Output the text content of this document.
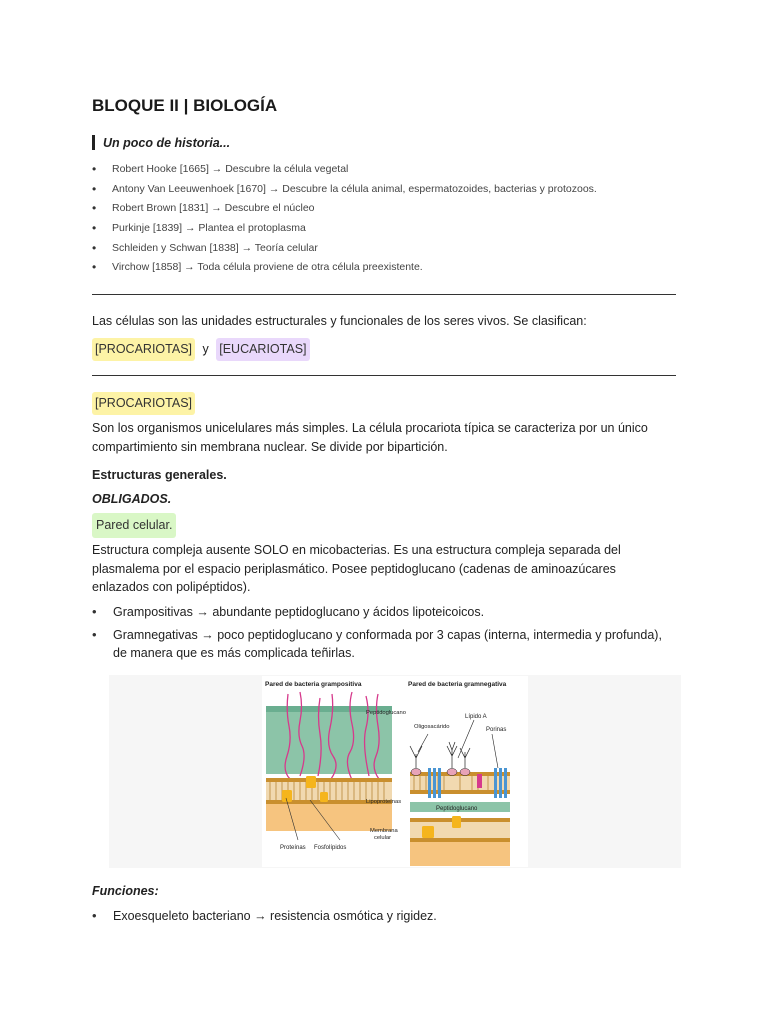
BLOQUE II | BIOLOGÍA
Un poco de historia...
• Robert Hooke [1665] → Descubre la célula vegetal
• Antony Van Leeuwenhoek [1670] → Descubre la célula animal, espermatozoides, bacterias y protozoos.
• Robert Brown [1831] → Descubre el núcleo
• Purkinje [1839] → Plantea el protoplasma
• Schleiden y Schwan [1838] → Teoría celular
• Virchow [1858] → Toda célula proviene de otra célula preexistente.

Las células son las unidades estructurales y funcionales de los seres vivos. Se clasifican:

[PROCARIOTAS] y [EUCARIOTAS]
[PROCARIOTAS]

Son los organismos unicelulares más simples. La célula procariota típica se caracteriza por un único compartimiento sin membrana nuclear. Se divide por bipartición.

Estructuras generales.

OBLIGADOS.

Pared celular.

Estructura compleja ausente SOLO en micobacterias. Es una estructura compleja separada del plasmalema por el espacio periplasmático. Posee peptidoglucano (cadenas de aminoazúcares enlazados con polipéptidos).

• Grampositivas → abundante peptidoglucano y ácidos lipoteicoicos.
• Gramnegativas → poco peptidoglucano y conformada por 3 capas (interna, intermedia y profunda), de manera que es más complicada teñirlas.

Funciones:

• Exoesqueleto bacteriano → resistencia osmótica y rigidez.
Pared de bacteria grampositiva	Pared de bacteria gramnegativa
Proteínas Fosfolípidos
Peptidoglucano
Lípido A
Oligosacárido	Porinas
Peptidoglucano
Lipoproteínas
Membrana
celular
